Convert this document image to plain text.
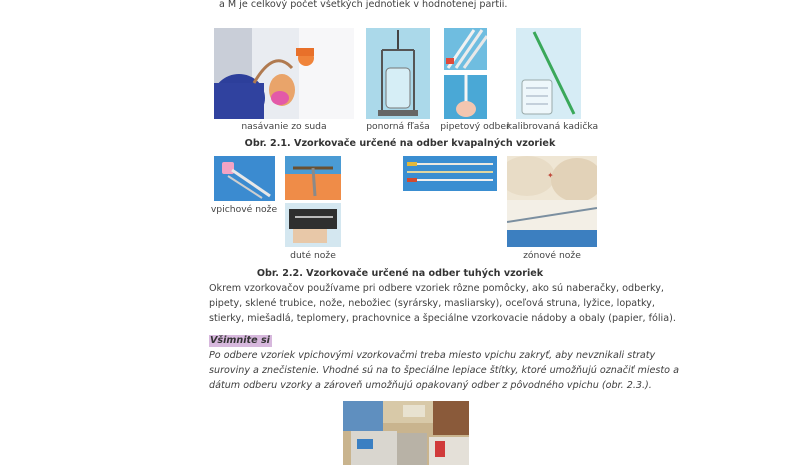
a M je celkový počet všetkých jednotiek v hodnotenej partii.
nasávanie zo suda	ponorná fľaša	pipetový odber
kalibrovaná kadička
Obr. 2.1. Vzorkovače určené na odber kvapalných vzoriek
✦
vpichové nože
duté nože	zónové nože
Obr. 2.2. Vzorkovače určené na odber tuhých vzoriek
Okrem vzorkovačov používame pri odbere vzoriek rôzne pomôcky, ako sú naberačky, odberky,
pipety, sklené trubice, nože, nebožiec (syrársky, masliarsky), oceľová struna, lyžice, lopatky,
stierky, miešadlá, teplomery, prachovnice a špeciálne vzorkovacie nádoby a obaly (papier, fólia).
Všimnite si
Po odbere vzoriek vpichovými vzorkovačmi treba miesto vpichu zakryť, aby nevznikali straty
suroviny a znečistenie. Vhodné sú na to špeciálne lepiace štítky, ktoré umožňujú označiť miesto a
dátum odberu vzorky a zároveň umožňujú opakovaný odber z pôvodného vpichu (obr. 2.3.).
